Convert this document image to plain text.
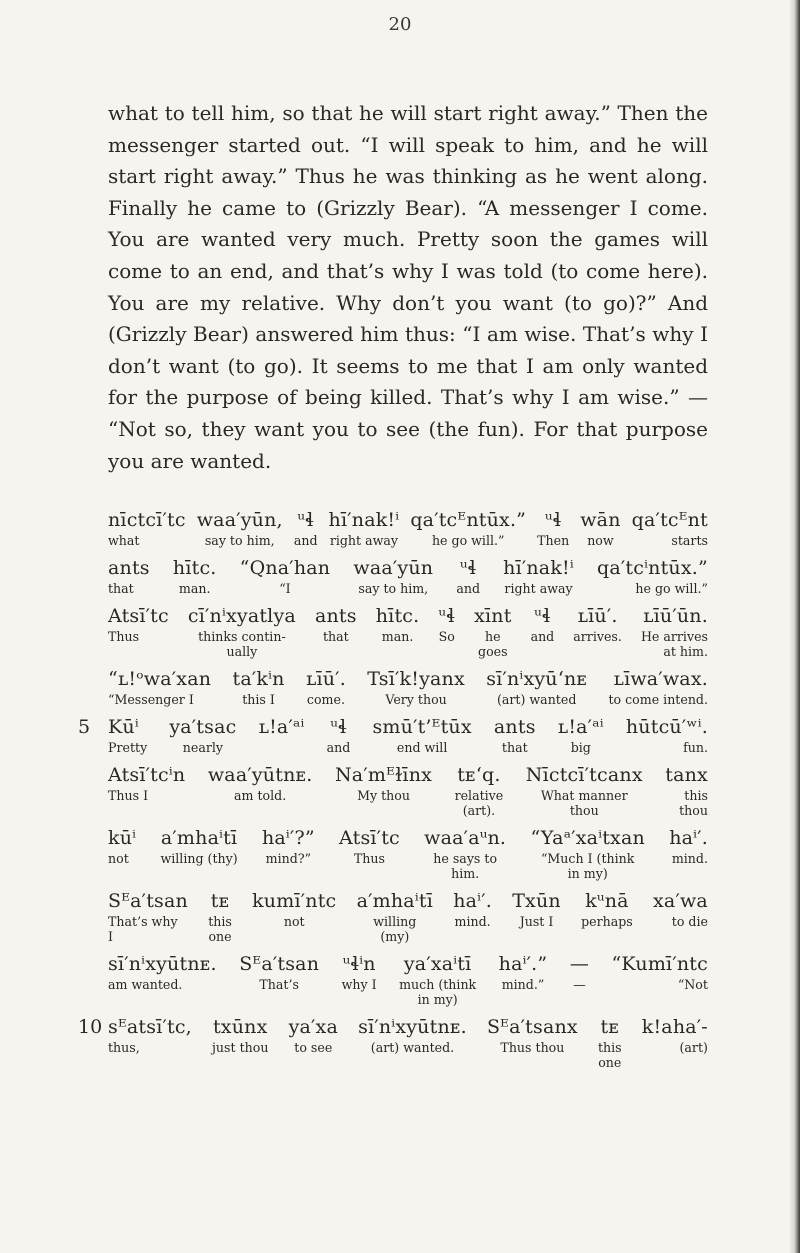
20

what to tell him, so that he will start right away.” Then the messenger started out. “I will speak to him, and he will start right away.” Thus he was thinking as he went along. Finally he came to (Grizzly Bear). “A messenger I come. You are wanted very much. Pretty soon the games will come to an end, and that’s why I was told (to come here). You are my relative. Why don’t you want (to go)?” And (Grizzly Bear) answered him thus: “I am wise. That’s why I don’t want (to go). It seems to me that I am only wanted for the purpose of being killed. That’s why I am wise.” — “Not so, they want you to see (the fun). For that purpose you are wanted.

nīctcī′tc
what
waa′yūn,
say to him,
ᵘɬ
and
hī′nak!ⁱ
right away
qa′tcᴱntūx.”
he go will.”
ᵘɬ
Then
wān
now
qa′tcᴱnt
starts
ants
that
hītc.
man.
“Qna′han
“I
waa′yūn
say to him,
ᵘɬ
and
hī′nak!ⁱ
right away
qa′tcⁱntūx.”
he go will.”
Atsī′tc
Thus
cī′nⁱxyatlya
thinks contin-
ually
ants
that
hītc.
man.
ᵘɬ
So
xīnt
he
goes
ᵘɬ
and
ʟīū′.
arrives.
ʟīū′ūn.
He arrives
at him.
“ʟ!ᵒwa′xan
“Messenger I
ta′kⁱn
this I
ʟīū′.
come.
Tsī′k!yanx
Very thou
sī′nⁱxyū‘nᴇ
(art) wanted
ʟīwa′wax.
to come intend.
5 Kūⁱ
Pretty
ya′tsac
nearly
ʟ!a′ᵃⁱ
ᵘɬ
and
smū′t’ᴱtūx
end will
ants
that
ʟ!a′ᵃⁱ
big
hūtcū′ʷⁱ.
fun.
Atsī′tcⁱn
Thus I
waa′yūtnᴇ.
am told.
Na′mᴱɫīnx
My thou
tᴇ‘q.
relative
(art).
Nīctcī′tcanx
What manner
thou
tanx
this
thou
kūⁱ
not
a′mhaⁱtī
willing (thy)
haⁱ′?”
mind?”
Atsī′tc
Thus
waa′aᵘn.
he says to
him.
“Yaᵃ′xaⁱtxan
“Much I (think
in my)
haⁱ′.
mind.
Sᴱa′tsan
That’s why
I
tᴇ
this
one
kumī′ntc
not
a′mhaⁱtī
willing
(my)
haⁱ′.
mind.
Txūn
Just I
kᵘnā
perhaps
xa′wa
to die
sī′nⁱxyūtnᴇ.
am wanted.
Sᴱa′tsan
That’s
ᵘɬⁱn
why I
ya′xaⁱtī
much (think
in my)
haⁱ′.”
mind.”
—
—
“Kumī′ntc
“Not
10 sᴱatsī′tc,
thus,
txūnx
just thou
ya′xa
to see
sī′nⁱxyūtnᴇ.
(art) wanted.
Sᴱa′tsanx
Thus thou
tᴇ
this
one
k!aha′-
(art)
